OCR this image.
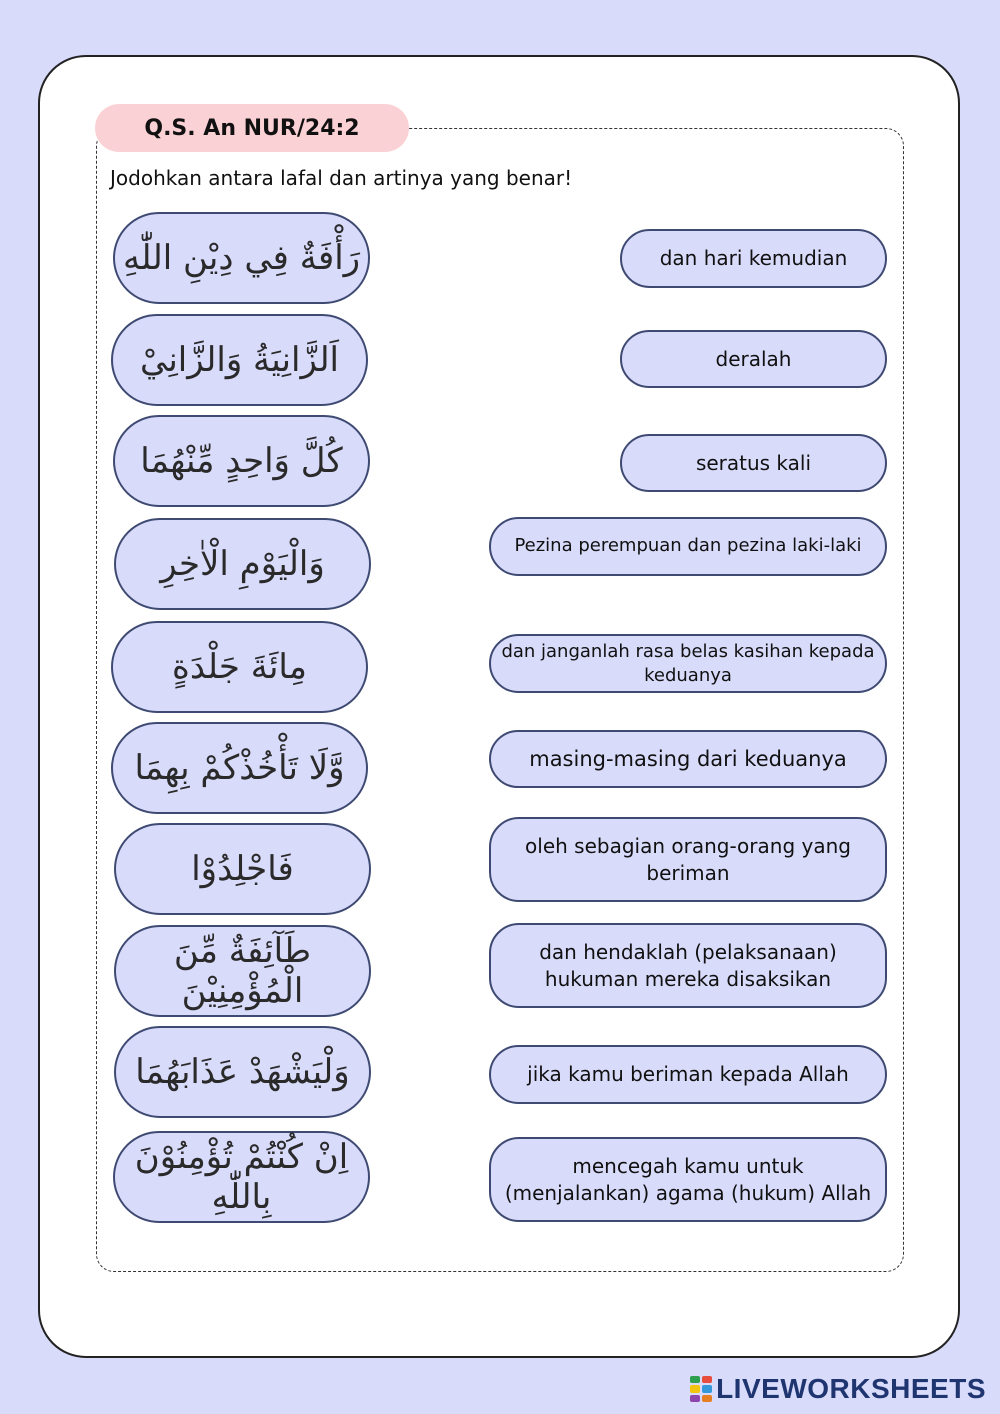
Q.S. An NUR/24:2
Jodohkan antara lafal dan artinya yang benar!
رَأْفَةٌ فِي دِيْنِ اللّٰهِ
اَلزَّانِيَةُ وَالزَّانِيْ
كُلَّ وَاحِدٍ مِّنْهُمَا
وَالْيَوْمِ الْاٰخِرِ
مِائَةَ جَلْدَةٍ
وَّلَا تَأْخُذْكُمْ بِهِمَا
فَاجْلِدُوْا
طَآئِفَةٌ مِّنَ الْمُؤْمِنِيْنَ
وَلْيَشْهَدْ عَذَابَهُمَا
اِنْ كُنْتُمْ تُؤْمِنُوْنَ بِاللّٰهِ
dan hari kemudian
deralah
seratus kali
Pezina perempuan dan pezina laki-laki
dan janganlah rasa belas kasihan kepada keduanya
masing-masing dari keduanya
oleh sebagian orang-orang yang beriman
dan hendaklah (pelaksanaan) hukuman mereka disaksikan
jika kamu beriman kepada Allah
mencegah kamu untuk (menjalankan) agama (hukum) Allah
LIVEWORKSHEETS
